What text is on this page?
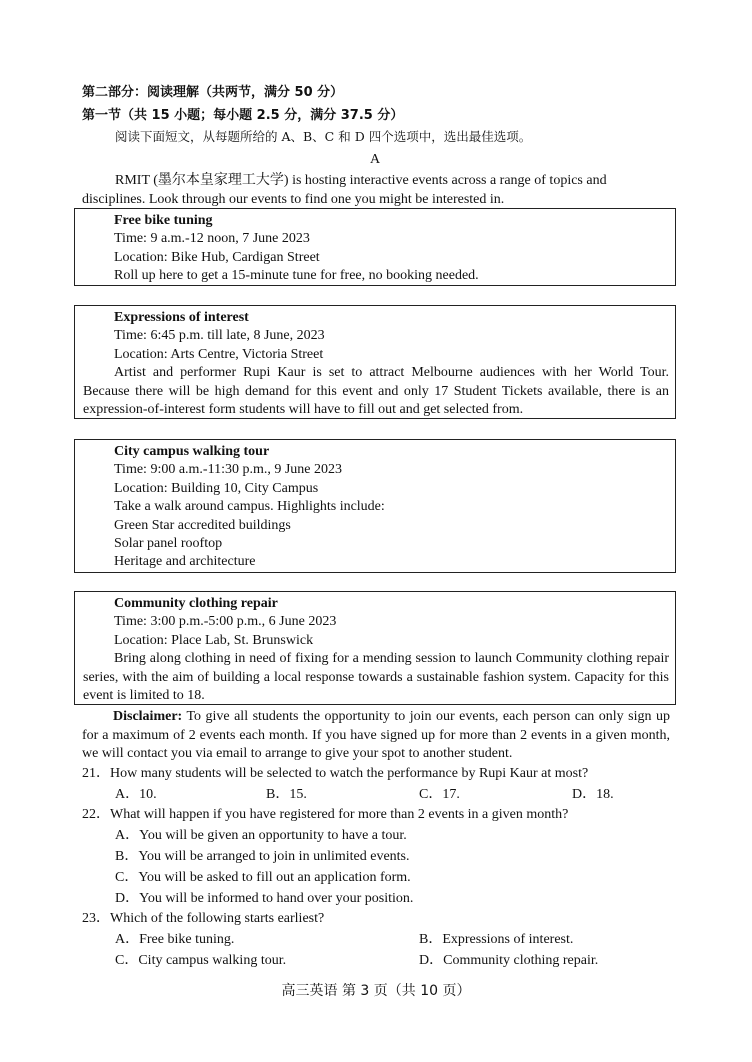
第二部分：阅读理解（共两节，满分 50 分）
第一节（共 15 小题；每小题 2.5 分，满分 37.5 分）
阅读下面短文，从每题所给的 A、B、C 和 D 四个选项中，选出最佳选项。
A
RMIT (墨尔本皇家理工大学) is hosting interactive events across a range of topics and
disciplines. Look through our events to find one you might be interested in.
Free bike tuning
Time: 9 a.m.-12 noon, 7 June 2023
Location: Bike Hub, Cardigan Street
Roll up here to get a 15-minute tune for free, no booking needed.
Expressions of interest
Time: 6:45 p.m. till late, 8 June, 2023
Location: Arts Centre, Victoria Street
Artist and performer Rupi Kaur is set to attract Melbourne audiences with her World Tour. Because there will be high demand for this event and only 17 Student Tickets available, there is an expression-of-interest form students will have to fill out and get selected from.
City campus walking tour
Time: 9:00 a.m.-11:30 p.m., 9 June 2023
Location: Building 10, City Campus
Take a walk around campus. Highlights include:
Green Star accredited buildings
Solar panel rooftop
Heritage and architecture
Community clothing repair
Time: 3:00 p.m.-5:00 p.m., 6 June 2023
Location: Place Lab, St. Brunswick
Bring along clothing in need of fixing for a mending session to launch Community clothing repair series, with the aim of building a local response towards a sustainable fashion system. Capacity for this event is limited to 18.
Disclaimer: To give all students the opportunity to join our events, each person can only sign up for a maximum of 2 events each month. If you have signed up for more than 2 events in a given month, we will contact you via email to arrange to give your spot to another student.
21．How many students will be selected to watch the performance by Rupi Kaur at most?
A．10.	B．15.	C．17.	D．18.
22．What will happen if you have registered for more than 2 events in a given month?
A．You will be given an opportunity to have a tour.
B．You will be arranged to join in unlimited events.
C．You will be asked to fill out an application form.
D．You will be informed to hand over your position.
23．Which of the following starts earliest?
A．Free bike tuning.	B．Expressions of interest.
C．City campus walking tour.	D．Community clothing repair.
高三英语 第 3 页（共 10 页）
